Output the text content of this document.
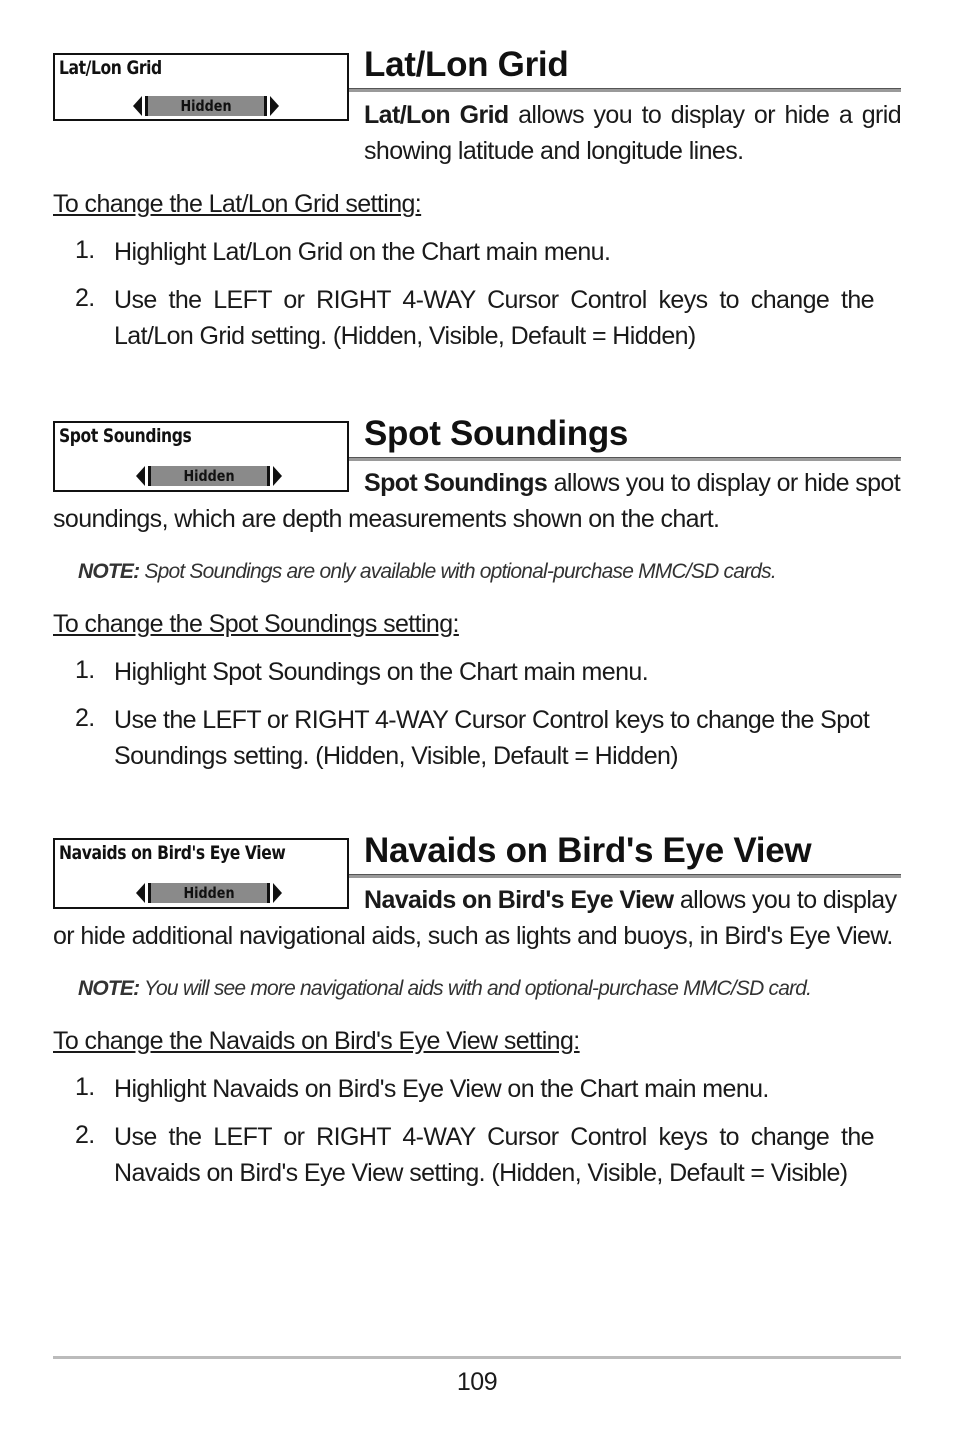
Lat/Lon Grid
Hidden
Lat/Lon Grid
Lat/Lon Grid allows you to display or hide a grid showing latitude and longitude lines.
To change the Lat/Lon Grid setting:
1. Highlight Lat/Lon Grid on the Chart main menu.
2. Use the LEFT or RIGHT 4-WAY Cursor Control keys to change the Lat/Lon Grid setting. (Hidden, Visible, Default = Hidden)
Spot Soundings
Hidden
Spot Soundings
Spot Soundings allows you to display or hide spot
soundings, which are depth measurements shown on the chart.
NOTE: Spot Soundings are only available with optional-purchase MMC/SD cards.
To change the Spot Soundings setting:
1. Highlight Spot Soundings on the Chart main menu.
2. Use the LEFT or RIGHT 4-WAY Cursor Control keys to change the Spot Soundings setting. (Hidden, Visible, Default = Hidden)
Navaids on Bird's Eye View
Hidden
Navaids on Bird's Eye View
Navaids on Bird's Eye View allows you to display
or hide additional navigational aids, such as lights and buoys, in Bird's Eye View.
NOTE: You will see more navigational aids with and optional-purchase MMC/SD card.
To change the Navaids on Bird's Eye View setting:
1. Highlight Navaids on Bird's Eye View on the Chart main menu.
2. Use the LEFT or RIGHT 4-WAY Cursor Control keys to change the Navaids on Bird's Eye View setting. (Hidden, Visible, Default = Visible)
109
